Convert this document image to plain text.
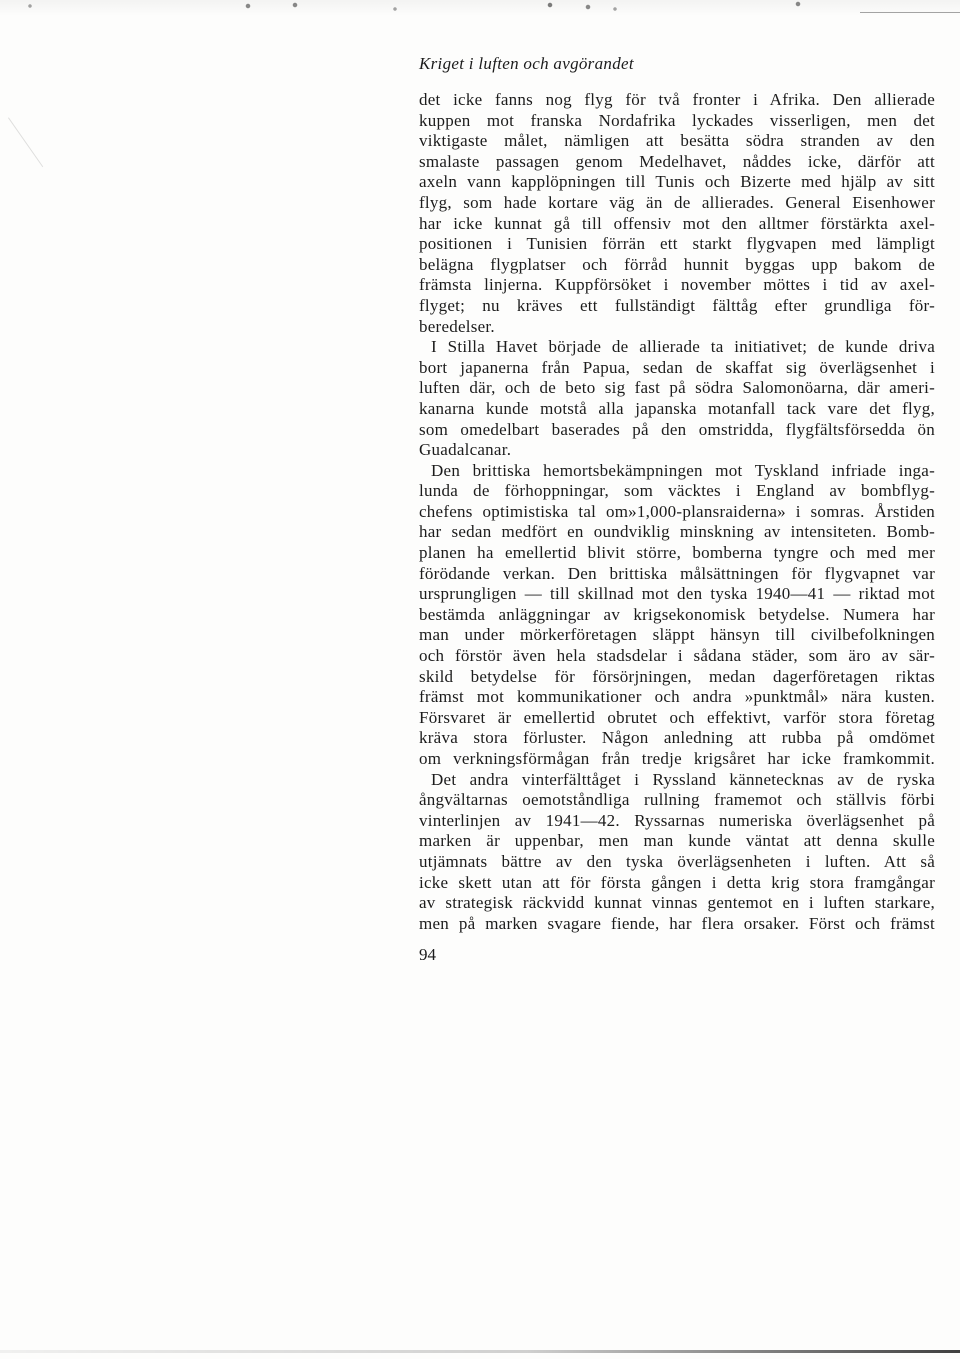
Kriget i luften och avgörandet
det icke fanns nog flyg för två fronter i Afrika. Den allierade
kuppen mot franska Nordafrika lyckades visserligen, men det
viktigaste målet, nämligen att besätta södra stranden av den
smalaste passagen genom Medelhavet, nåddes icke, därför att
axeln vann kapplöpningen till Tunis och Bizerte med hjälp av sitt
flyg, som hade kortare väg än de allierades. General Eisenhower
har icke kunnat gå till offensiv mot den alltmer förstärkta axel-
positionen i Tunisien förrän ett starkt flygvapen med lämpligt
belägna flygplatser och förråd hunnit byggas upp bakom de
främsta linjerna. Kuppförsöket i november möttes i tid av axel-
flyget; nu kräves ett fullständigt fälttåg efter grundliga för-
beredelser.
I Stilla Havet började de allierade ta initiativet; de kunde driva
bort japanerna från Papua, sedan de skaffat sig överlägsenhet i
luften där, och de beto sig fast på södra Salomonöarna, där ameri-
kanarna kunde motstå alla japanska motanfall tack vare det flyg,
som omedelbart baserades på den omstridda, flygfältsförsedda ön
Guadalcanar.
Den brittiska hemortsbekämpningen mot Tyskland infriade inga-
lunda de förhoppningar, som väcktes i England av bombflyg-
chefens optimistiska tal om»1,000-plansraiderna» i somras. Årstiden
har sedan medfört en oundviklig minskning av intensiteten. Bomb-
planen ha emellertid blivit större, bomberna tyngre och med mer
förödande verkan. Den brittiska målsättningen för flygvapnet var
ursprungligen — till skillnad mot den tyska 1940—41 — riktad mot
bestämda anläggningar av krigsekonomisk betydelse. Numera har
man under mörkerföretagen släppt hänsyn till civilbefolkningen
och förstör även hela stadsdelar i sådana städer, som äro av sär-
skild betydelse för försörjningen, medan dagerföretagen riktas
främst mot kommunikationer och andra »punktmål» nära kusten.
Försvaret är emellertid obrutet och effektivt, varför stora företag
kräva stora förluster. Någon anledning att rubba på omdömet
om verkningsförmågan från tredje krigsåret har icke framkommit.
Det andra vinterfälttåget i Ryssland kännetecknas av de ryska
ångvältarnas oemotståndliga rullning framemot och ställvis förbi
vinterlinjen av 1941—42. Ryssarnas numeriska överlägsenhet på
marken är uppenbar, men man kunde väntat att denna skulle
utjämnats bättre av den tyska överlägsenheten i luften. Att så
icke skett utan att för första gången i detta krig stora framgångar
av strategisk räckvidd kunnat vinnas gentemot en i luften starkare,
men på marken svagare fiende, har flera orsaker. Först och främst
94
